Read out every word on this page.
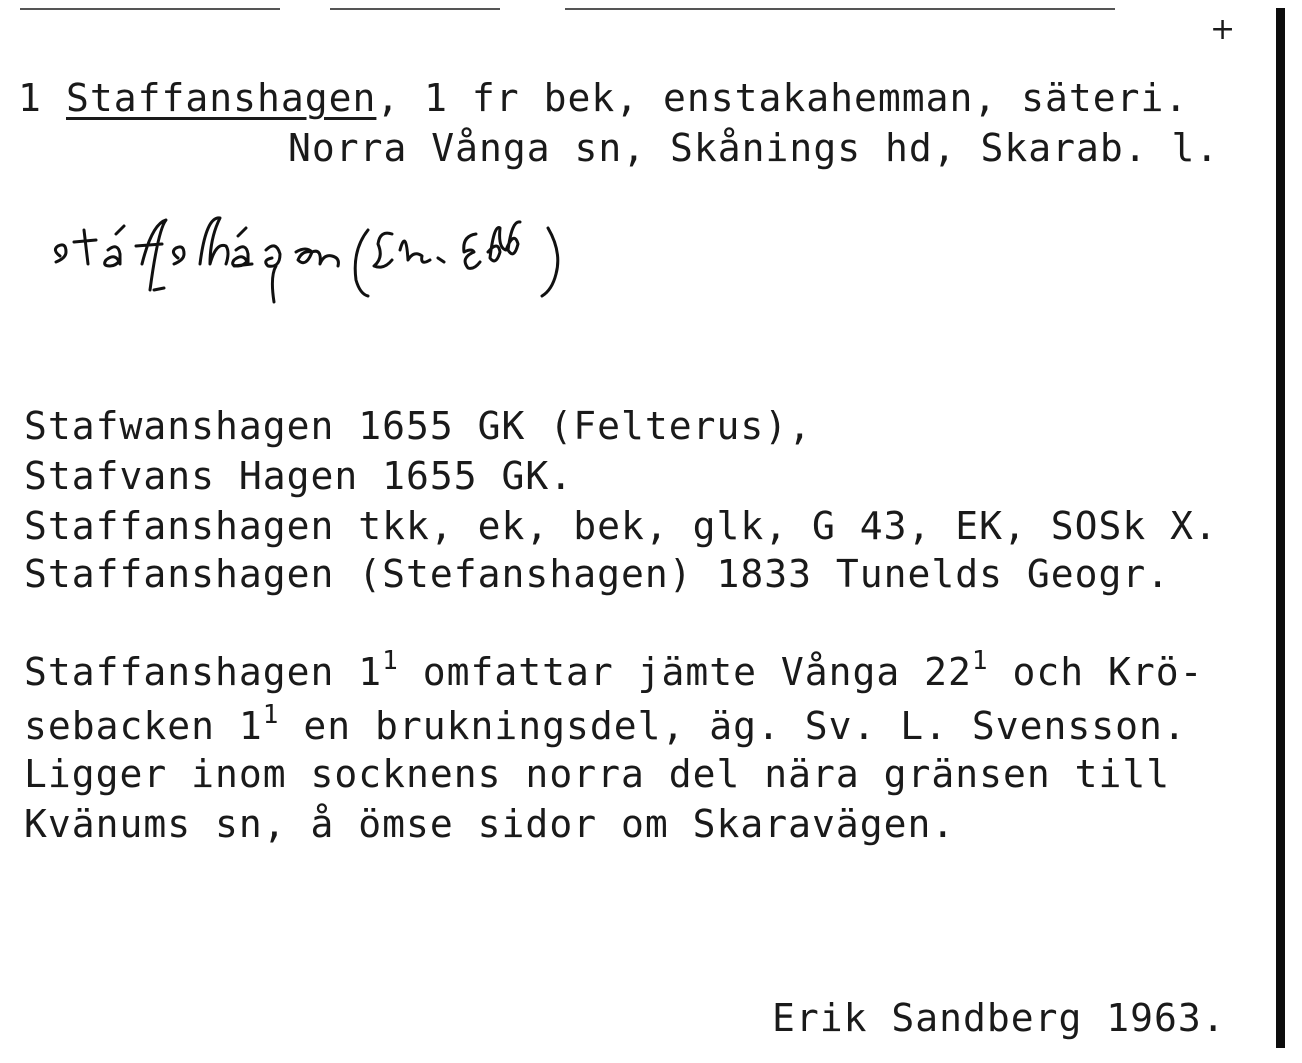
+
1 Staffanshagen, 1 fr bek, enstakahemman, säteri.

Norra Vånga sn, Skånings hd, Skarab. l.

Stafwanshagen 1655 GK (Felterus),

Stafvans Hagen 1655 GK.

Staffanshagen tkk, ek, bek, glk, G 43, EK, SOSk X.

Staffanshagen (Stefanshagen) 1833 Tunelds Geogr.

Staffanshagen $1^1$ omfattar jämte Vånga $22^1$ och Krö-

sebacken $1^1$ en brukningsdel, äg. Sv. L. Svensson.

Ligger inom socknens norra del nära gränsen till

Kvänums sn, å ömse sidor om Skaravägen.

Erik Sandberg 1963.
